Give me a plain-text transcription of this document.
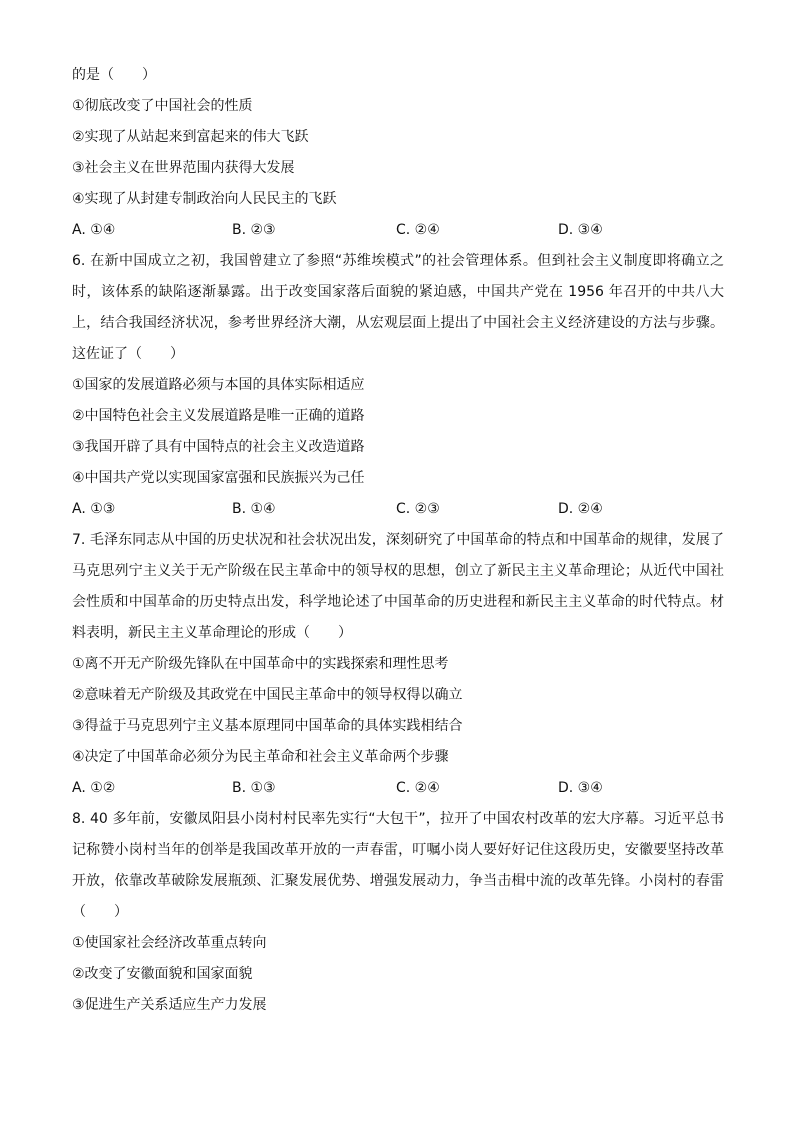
的是（　　）
①彻底改变了中国社会的性质
②实现了从站起来到富起来的伟大飞跃
③社会主义在世界范围内获得大发展
④实现了从封建专制政治向人民民主的飞跃
A. ①④	B. ②③	C. ②④	D. ③④
6. 在新中国成立之初，我国曾建立了参照“苏维埃模式”的社会管理体系。但到社会主义制度即将确立之时，该体系的缺陷逐渐暴露。出于改变国家落后面貌的紧迫感，中国共产党在 1956 年召开的中共八大上，结合我国经济状况，参考世界经济大潮，从宏观层面上提出了中国社会主义经济建设的方法与步骤。这佐证了（　　）
①国家的发展道路必须与本国的具体实际相适应
②中国特色社会主义发展道路是唯一正确的道路
③我国开辟了具有中国特点的社会主义改造道路
④中国共产党以实现国家富强和民族振兴为己任
A. ①③	B. ①④	C. ②③	D. ②④
7. 毛泽东同志从中国的历史状况和社会状况出发，深刻研究了中国革命的特点和中国革命的规律，发展了马克思列宁主义关于无产阶级在民主革命中的领导权的思想，创立了新民主主义革命理论；从近代中国社会性质和中国革命的历史特点出发，科学地论述了中国革命的历史进程和新民主主义革命的时代特点。材料表明，新民主主义革命理论的形成（　　）
①离不开无产阶级先锋队在中国革命中的实践探索和理性思考
②意味着无产阶级及其政党在中国民主革命中的领导权得以确立
③得益于马克思列宁主义基本原理同中国革命的具体实践相结合
④决定了中国革命必须分为民主革命和社会主义革命两个步骤
A. ①②	B. ①③	C. ②④	D. ③④
8. 40 多年前，安徽凤阳县小岗村村民率先实行“大包干”，拉开了中国农村改革的宏大序幕。习近平总书记称赞小岗村当年的创举是我国改革开放的一声春雷，叮嘱小岗人要好好记住这段历史，安徽要坚持改革开放，依靠改革破除发展瓶颈、汇聚发展优势、增强发展动力，争当击楫中流的改革先锋。小岗村的春雷（　　）
①使国家社会经济改革重点转向
②改变了安徽面貌和国家面貌
③促进生产关系适应生产力发展
